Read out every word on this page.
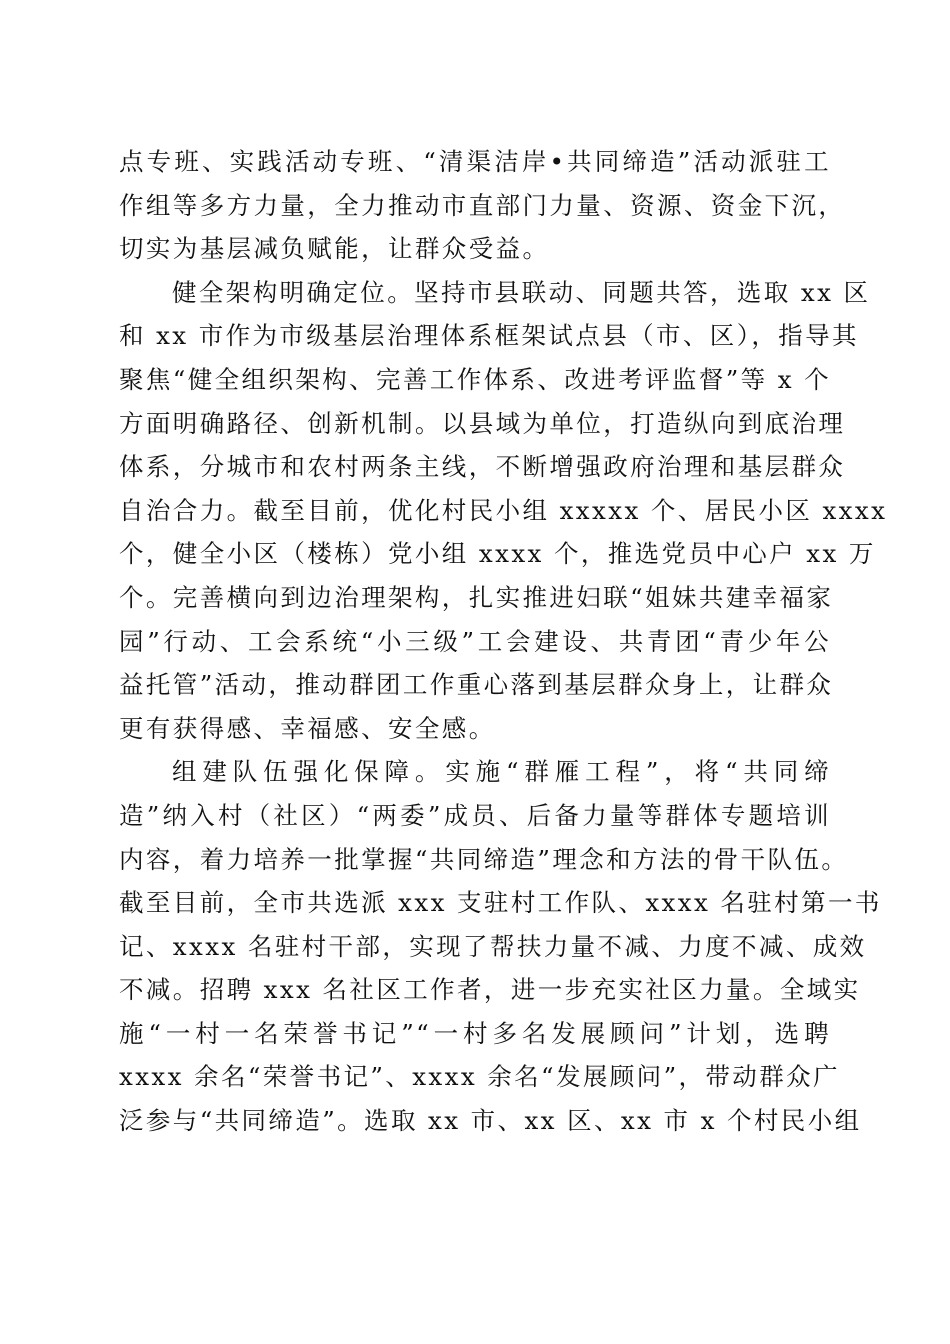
点专班、实践活动专班、“清渠洁岸•共同缔造”活动派驻工
作组等多方力量，全力推动市直部门力量、资源、资金下沉，
切实为基层减负赋能，让群众受益。
健全架构明确定位。坚持市县联动、同题共答，选取 xx 区
和 xx 市作为市级基层治理体系框架试点县（市、区），指导其
聚焦“健全组织架构、完善工作体系、改进考评监督”等 x 个
方面明确路径、创新机制。以县域为单位，打造纵向到底治理
体系，分城市和农村两条主线，不断增强政府治理和基层群众
自治合力。截至目前，优化村民小组 xxxxx 个、居民小区 xxxx
个，健全小区（楼栋）党小组 xxxx 个，推选党员中心户 xx 万
个。完善横向到边治理架构，扎实推进妇联“姐妹共建幸福家
园”行动、工会系统“小三级”工会建设、共青团“青少年公
益托管”活动，推动群团工作重心落到基层群众身上，让群众
更有获得感、幸福感、安全感。
组建队伍强化保障。实施“群雁工程”，将“共同缔
造”纳入村（社区）“两委”成员、后备力量等群体专题培训
内容，着力培养一批掌握“共同缔造”理念和方法的骨干队伍。
截至目前，全市共选派 xxx 支驻村工作队、xxxx 名驻村第一书
记、xxxx 名驻村干部，实现了帮扶力量不减、力度不减、成效
不减。招聘 xxx 名社区工作者，进一步充实社区力量。全域实
施“一村一名荣誉书记”“一村多名发展顾问”计划，选聘
xxxx 余名“荣誉书记”、xxxx 余名“发展顾问”，带动群众广
泛参与“共同缔造”。选取 xx 市、xx 区、xx 市 x 个村民小组
